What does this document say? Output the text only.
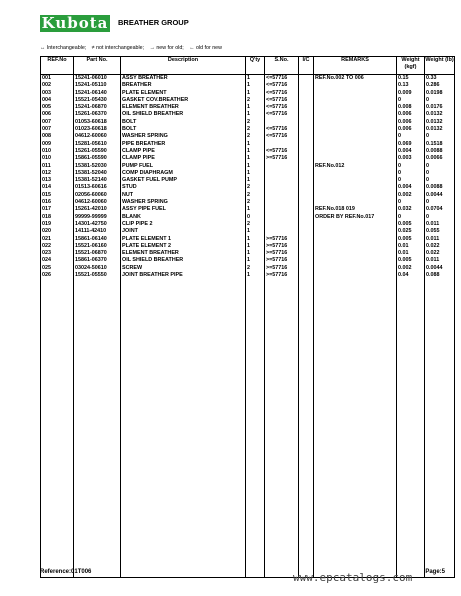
Kubota BREATHER GROUP
↔ Interchangeable; ≠ not interchangeable; → new for old; ← old for new
REF.No	Part No.	Description	Q'ty	S.No.	I/C	REMARKS	Weight (kgf)	Weight (lb)
001	15241-06010	ASSY BREATHER	1	<=57716		REF.No.002 TO 006	0.15	0.33
002	15241-05110	BREATHER	1	<=57716			0.13	0.286
003	15241-06140	PLATE ELEMENT	1	<=57716			0.009	0.0198
004	15521-05430	GASKET COV.BREATHER	2	<=57716			0	0
005	15241-06870	ELEMENT BREATHER	1	<=57716			0.008	0.0176
006	15261-06370	OIL SHIELD BREATHER	1	<=57716			0.006	0.0132
007	01053-60618	BOLT	2				0.006	0.0132
007	01023-60618	BOLT	2	<=57716			0.006	0.0132
008	04612-60060	WASHER SPRING	2	<=57716			0	0
009	15281-05610	PIPE BREATHER	1				0.069	0.1518
010	15261-05590	CLAMP PIPE	1	<=57716			0.004	0.0088
010	15861-05590	CLAMP PIPE	1	>=57716			0.003	0.0066
011	15381-52030	PUMP FUEL	1			REF.No.012	0	0
012	15381-52040	COMP DIAPHRAGM	1				0	0
013	15381-52140	GASKET FUEL PUMP	1				0	0
014	01513-60616	STUD	2				0.004	0.0088
015	02056-60060	NUT	2				0.002	0.0044
016	04612-60060	WASHER SPRING	2				0	0
017	15261-42010	ASSY PIPE FUEL	1			REF.No.018 019	0.032	0.0704
018	99999-99999	BLANK	0			ORDER BY REF.No.017	0	0
019	14301-42750	CLIP PIPE 2	2				0.005	0.011
020	14111-42410	JOINT	1				0.025	0.055
021	15861-06140	PLATE ELEMENT 1	1	>=57716			0.005	0.011
022	15521-06160	PLATE ELEMENT 2	1	>=57716			0.01	0.022
023	15521-06870	ELEMENT BREATHER	1	>=57716			0.01	0.022
024	15861-06370	OIL SHIELD BREATHER	1	>=57716			0.005	0.011
025	03024-50610	SCREW	2	>=57716			0.002	0.0044
026	15521-05550	JOINT BREATHER PIPE	1	>=57716			0.04	0.088

Reference:01T006	www.epcatalogs.com Page:5
